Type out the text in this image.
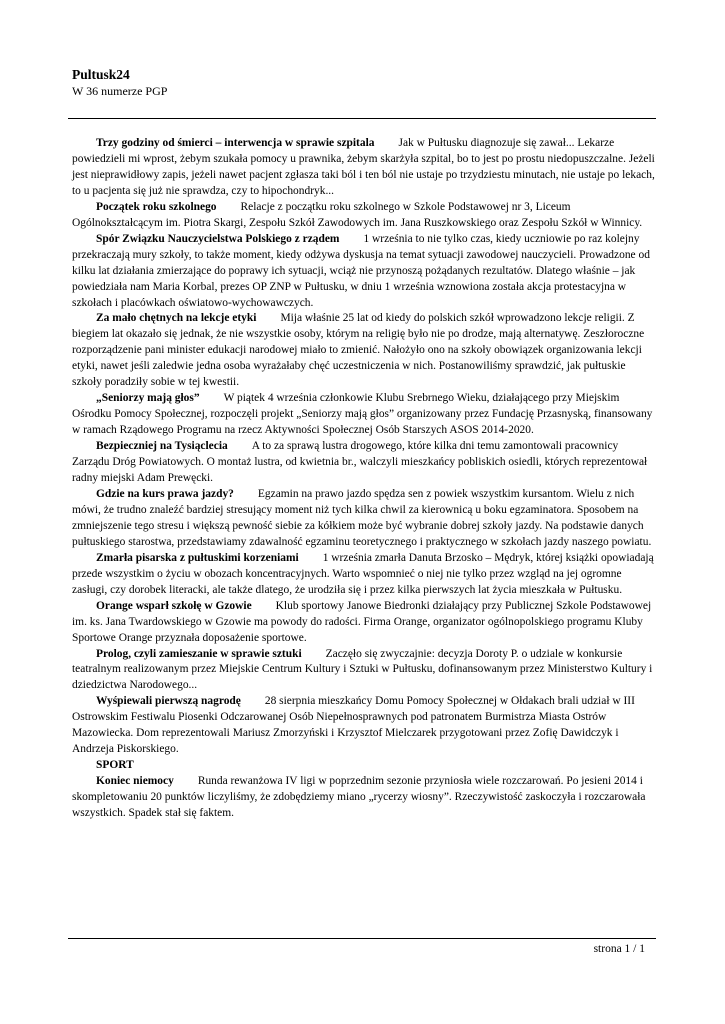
Pultusk24
W 36 numerze PGP

Trzy godziny od śmierci – interwencja w sprawie szpitala Jak w Pułtusku diagnozuje się zawał... Lekarze powiedzieli mi wprost, żebym szukała pomocy u prawnika, żebym skarżyła szpital, bo to jest po prostu niedopuszczalne. Jeżeli jest nieprawidłowy zapis, jeżeli nawet pacjent zgłasza taki ból i ten ból nie ustaje po trzydziestu minutach, nie ustaje po lekach, to u pacjenta się już nie sprawdza, czy to hipochondryk...

Początek roku szkolnego Relacje z początku roku szkolnego w Szkole Podstawowej nr 3, Liceum Ogólnokształcącym im. Piotra Skargi, Zespołu Szkół Zawodowych im. Jana Ruszkowskiego oraz Zespołu Szkół w Winnicy.

Spór Związku Nauczycielstwa Polskiego z rządem 1 września to nie tylko czas, kiedy uczniowie po raz kolejny przekraczają mury szkoły, to także moment, kiedy odżywa dyskusja na temat sytuacji zawodowej nauczycieli. Prowadzone od kilku lat działania zmierzające do poprawy ich sytuacji, wciąż nie przynoszą pożądanych rezultatów. Dlatego właśnie – jak powiedziała nam Maria Korbal, prezes OP ZNP w Pułtusku, w dniu 1 września wznowiona została akcja protestacyjna w szkołach i placówkach oświatowo-wychowawczych.

Za mało chętnych na lekcje etyki Mija właśnie 25 lat od kiedy do polskich szkół wprowadzono lekcje religii. Z biegiem lat okazało się jednak, że nie wszystkie osoby, którym na religię było nie po drodze, mają alternatywę. Zeszłoroczne rozporządzenie pani minister edukacji narodowej miało to zmienić. Nałożyło ono na szkoły obowiązek organizowania lekcji etyki, nawet jeśli zaledwie jedna osoba wyrażałaby chęć uczestniczenia w nich. Postanowiliśmy sprawdzić, jak pułtuskie szkoły poradziły sobie w tej kwestii.

„Seniorzy mają głos” W piątek 4 września członkowie Klubu Srebrnego Wieku, działającego przy Miejskim Ośrodku Pomocy Społecznej, rozpoczęli projekt „Seniorzy mają głos” organizowany przez Fundację Przasnyską, finansowany w ramach Rządowego Programu na rzecz Aktywności Społecznej Osób Starszych ASOS 2014-2020.

Bezpieczniej na Tysiąclecia A to za sprawą lustra drogowego, które kilka dni temu zamontowali pracownicy Zarządu Dróg Powiatowych. O montaż lustra, od kwietnia br., walczyli mieszkańcy pobliskich osiedli, których reprezentował radny miejski Adam Prewęcki.

Gdzie na kurs prawa jazdy? Egzamin na prawo jazdo spędza sen z powiek wszystkim kursantom. Wielu z nich mówi, że trudno znaleźć bardziej stresujący moment niż tych kilka chwil za kierownicą u boku egzaminatora. Sposobem na zmniejszenie tego stresu i większą pewność siebie za kółkiem może być wybranie dobrej szkoły jazdy. Na podstawie danych pułtuskiego starostwa, przedstawiamy zdawalność egzaminu teoretycznego i praktycznego w szkołach jazdy naszego powiatu.

Zmarła pisarska z pułtuskimi korzeniami 1 września zmarła Danuta Brzosko – Mędryk, której książki opowiadają przede wszystkim o życiu w obozach koncentracyjnych. Warto wspomnieć o niej nie tylko przez wzgląd na jej ogromne zasługi, czy dorobek literacki, ale także dlatego, że urodziła się i przez kilka pierwszych lat życia mieszkała w Pułtusku.

Orange wsparł szkołę w Gzowie Klub sportowy Janowe Biedronki działający przy Publicznej Szkole Podstawowej im. ks. Jana Twardowskiego w Gzowie ma powody do radości. Firma Orange, organizator ogólnopolskiego programu Kluby Sportowe Orange przyznała doposażenie sportowe.

Prolog, czyli zamieszanie w sprawie sztuki Zaczęło się zwyczajnie: decyzja Doroty P. o udziale w konkursie teatralnym realizowanym przez Miejskie Centrum Kultury i Sztuki w Pułtusku, dofinansowanym przez Ministerstwo Kultury i dziedzictwa Narodowego...

Wyśpiewali pierwszą nagrodę 28 sierpnia mieszkańcy Domu Pomocy Społecznej w Ołdakach brali udział w III Ostrowskim Festiwalu Piosenki Odczarowanej Osób Niepełnosprawnych pod patronatem Burmistrza Miasta Ostrów Mazowiecka. Dom reprezentowali Mariusz Zmorzyński i Krzysztof Mielczarek przygotowani przez Zofię Dawidczyk i Andrzeja Piskorskiego.

SPORT

Koniec niemocy Runda rewanżowa IV ligi w poprzednim sezonie przyniosła wiele rozczarowań. Po jesieni 2014 i skompletowaniu 20 punktów liczyliśmy, że zdobędziemy miano „rycerzy wiosny”. Rzeczywistość zaskoczyła i rozczarowała wszystkich. Spadek stał się faktem.

strona 1 / 1
